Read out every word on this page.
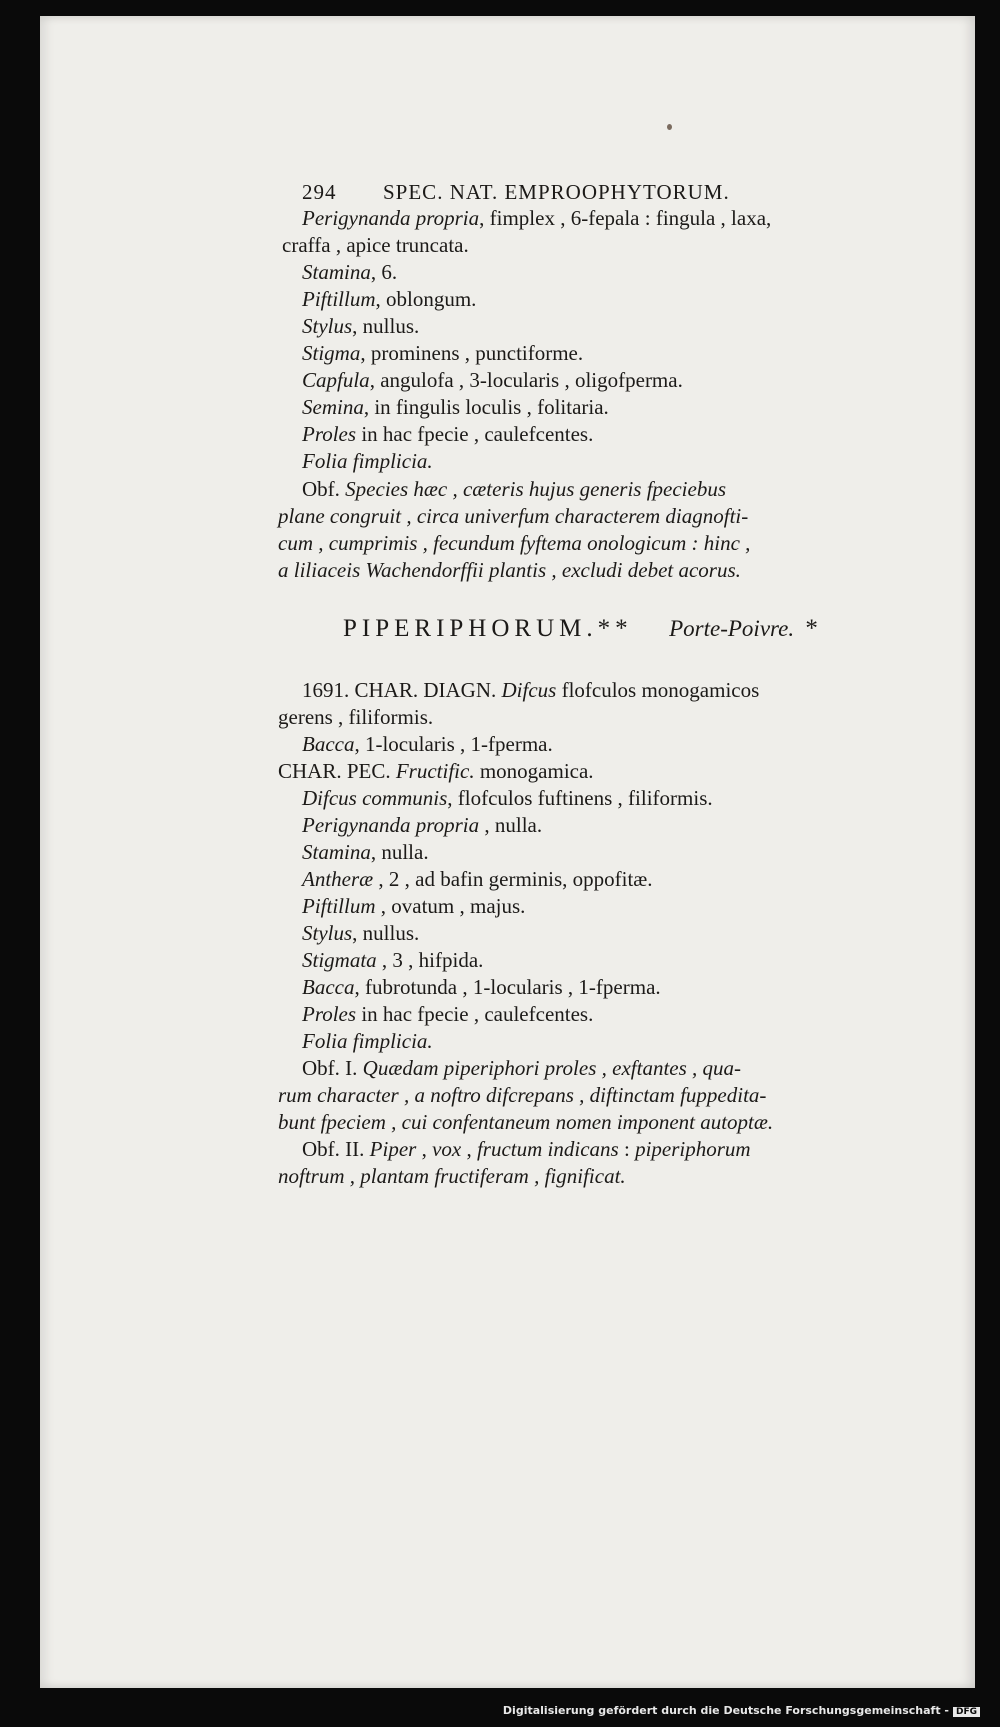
294 SPEC. NAT. EMPROOPHYTORUM.
Perigynanda propria, fimplex , 6-fepala : fingula , laxa,
craffa , apice truncata.
Stamina, 6.
Piftillum, oblongum.
Stylus, nullus.
Stigma, prominens , punctiforme.
Capfula, angulofa , 3-locularis , oligofperma.
Semina, in fingulis loculis , folitaria.
Proles in hac fpecie , caulefcentes.
Folia fimplicia.
Obf. Species hæc , cæteris hujus generis fpeciebus
plane congruit , circa univerfum characterem diagnofti-
cum , cumprimis , fecundum fyftema onologicum : hinc ,
a liliaceis Wachendorffii plantis , excludi debet acorus.
PIPERIPHORUM.** Porte-Poivre. *
1691. CHAR. DIAGN. Difcus flofculos monogamicos
gerens , filiformis.
Bacca, 1-locularis , 1-fperma.
CHAR. PEC. Fructific. monogamica.
Difcus communis, flofculos fuftinens , filiformis.
Perigynanda propria , nulla.
Stamina, nulla.
Antheræ , 2 , ad bafin germinis, oppofitæ.
Piftillum , ovatum , majus.
Stylus, nullus.
Stigmata , 3 , hifpida.
Bacca, fubrotunda , 1-locularis , 1-fperma.
Proles in hac fpecie , caulefcentes.
Folia fimplicia.
Obf. I. Quædam piperiphori proles , exftantes , qua-
rum character , a noftro difcrepans , diftinctam fuppedita-
bunt fpeciem , cui confentaneum nomen imponent autoptæ.
Obf. II. Piper , vox , fructum indicans : piperiphorum
noftrum , plantam fructiferam , fignificat.
Digitalisierung gefördert durch die Deutsche Forschungsgemeinschaft - DFG
